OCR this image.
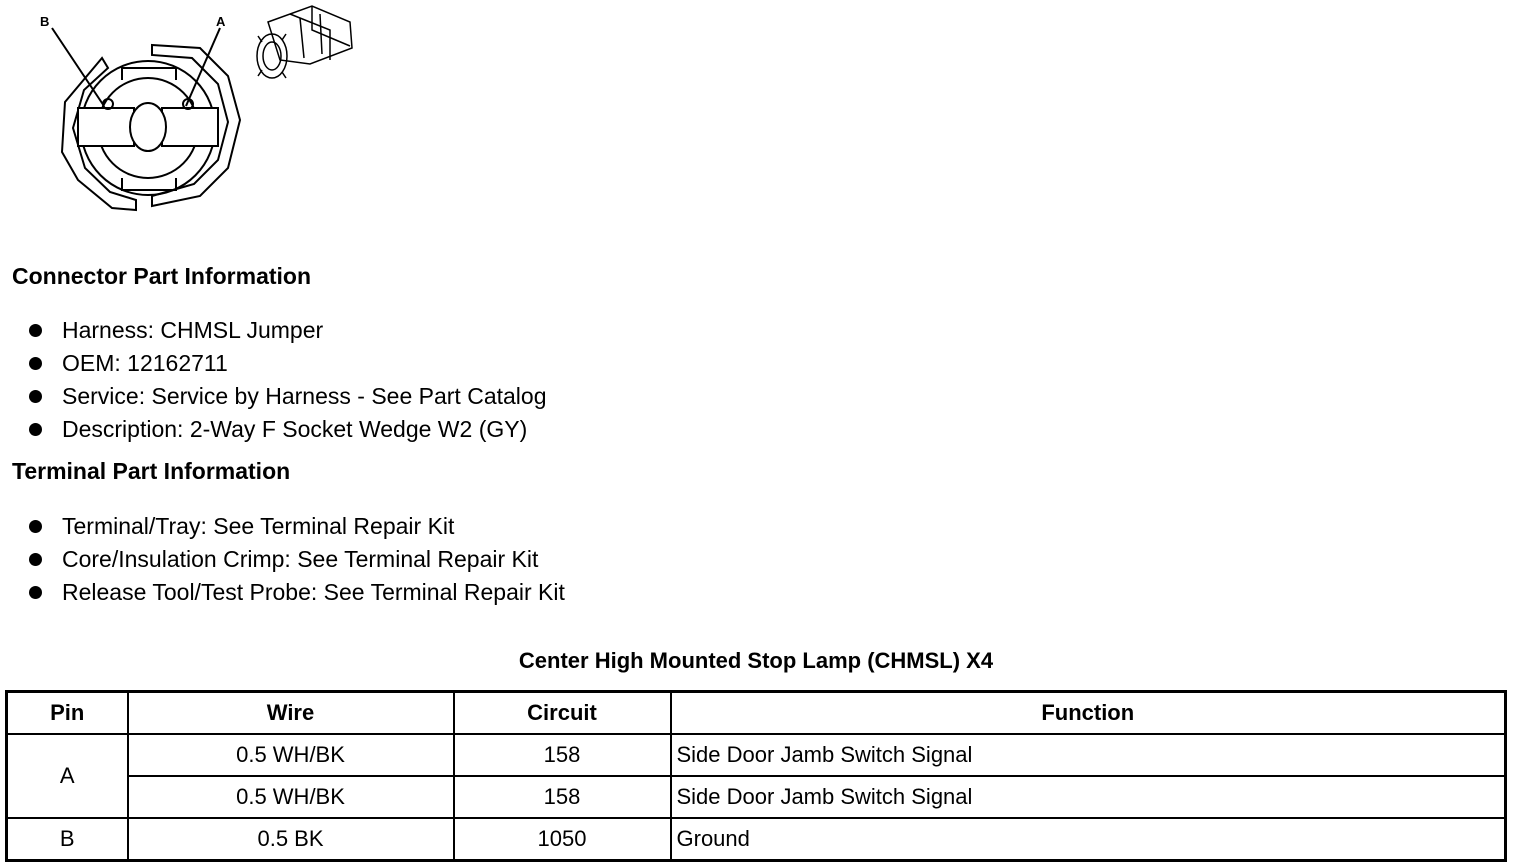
B	A
Connector Part Information
Harness: CHMSL Jumper
OEM: 12162711
Service: Service by Harness - See Part Catalog
Description: 2-Way F Socket Wedge W2 (GY)
Terminal Part Information
Terminal/Tray: See Terminal Repair Kit
Core/Insulation Crimp: See Terminal Repair Kit
Release Tool/Test Probe: See Terminal Repair Kit
Center High Mounted Stop Lamp (CHMSL) X4
Pin	Wire	Circuit	Function
A	0.5 WH/BK	158	Side Door Jamb Switch Signal
	0.5 WH/BK	158	Side Door Jamb Switch Signal
B	0.5 BK	1050	Ground
